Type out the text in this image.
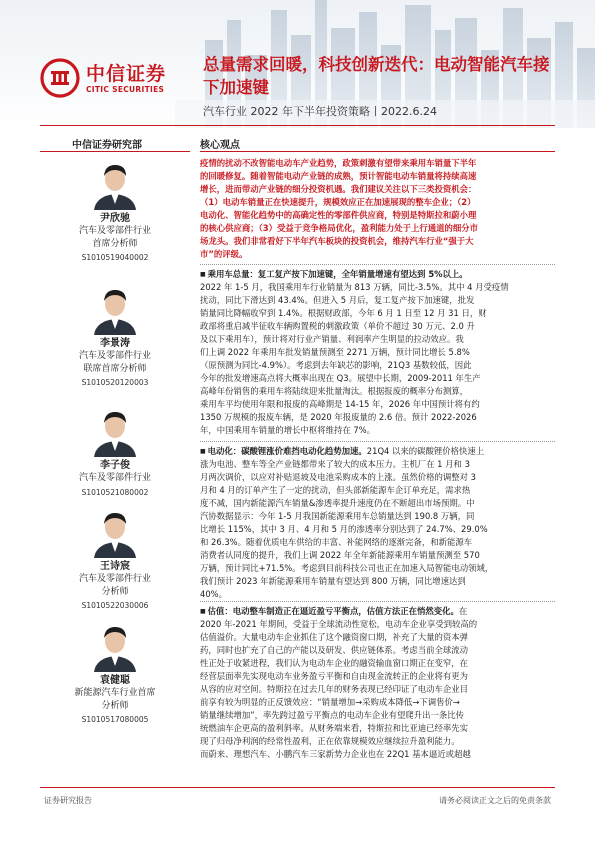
中信证券
CITIC SECURITIES
总量需求回暖，科技创新迭代：电动智能汽车接下加速键
汽车行业 2022 年下半年投资策略丨2022.6.24
中信证券研究部
尹欣驰
汽车及零部件行业
首席分析师
S1010519040002
李景涛
汽车及零部件行业
联席首席分析师
S1010520120003
李子俊
汽车及零部件行业
S1010521080002
王诗宸
汽车及零部件行业
分析师
S1010522030006
袁健聪
新能源汽车行业首席
分析师
S1010517080005
核心观点
疫情的扰动不改智能电动车产业趋势，政策刺激有望带来乘用车销量下半年
的回暖修复。随着智能电动产业链的成熟，预计智能电动车销量将持续高速
增长，进而带动产业链的细分投资机遇。我们建议关注以下三类投资机会：
（1）电动车销量正在快速提升，规模效应正在加速展现的整车企业；（2）
电动化、智能化趋势中的高确定性的零部件供应商，特别是特斯拉和蔚小理
的核心供应商；（3）受益于竞争格局优化，盈利能力处于上行通道的细分市
场龙头。我们非常看好下半年汽车板块的投资机会，维持汽车行业“强于大
市”的评级。
■ 乘用车总量：复工复产按下加速键，全年销量增速有望达到 5%以上。
2022 年 1-5 月，我国乘用车行业销量为 813 万辆，同比-3.5%。其中 4 月受疫情
扰动，同比下滑达到 43.4%。但进入 5 月后，复工复产按下加速键，批发
销量同比降幅收窄到 1.4%。根据财政部，今年 6 月 1 日至 12 月 31 日，财
政部将重启减半征收车辆购置税的刺激政策（单价不超过 30 万元、2.0 升
及以下乘用车），预计将对行业产销量、利润率产生明显的拉动效应。我
们上调 2022 年乘用车批发销量预测至 2271 万辆，预计同比增长 5.8%
（原预测为同比-4.9%）。考虑到去年缺芯的影响，21Q3 基数较低，因此
今年的批发增速高点将大概率出现在 Q3。展望中长期，2009-2011 年生产
高峰年份销售的乘用车将陆续迎来批量淘汰。根据报废的概率分布测算，
乘用车平均使用年限和报废的高峰期是 14-15 年，2026 年中国预计将有约
1350 万规模的报废车辆，是 2020 年报废量的 2.6 倍。预计 2022-2026
年，中国乘用车销量的增长中枢将维持在 7%。
■ 电动化：碳酸锂涨价难挡电动化趋势加速。21Q4 以来的碳酸锂价格快速上
涨为电池、整车等全产业链都带来了较大的成本压力。主机厂在 1 月和 3
月两次调价，以应对补贴退坡及电池采购成本的上涨。虽然价格的调整对 3
月和 4 月的订单产生了一定的扰动，但头部新能源车企订单充足，需求热
度不减，国内新能源汽车销量&渗透率提升速度仍在不断超出市场预期。中
汽协数据显示：今年 1-5 月我国新能源乘用车总销量达到 190.8 万辆，同
比增长 115%，其中 3 月、4 月和 5 月的渗透率分别达到了 24.7%、29.0%
和 26.3%。随着优质电车供给的丰富、补能网络的逐渐完备，和新能源车
消费者认同度的提升，我们上调 2022 年全年新能源乘用车销量预测至 570
万辆，预计同比+71.5%。考虑到目前科技公司也正在加速入局智能电动领域，
我们预计 2023 年新能源乘用车销量有望达到 800 万辆，同比增速达到
40%。
■ 估值：电动整车制造正在逼近盈亏平衡点，估值方法正在悄然变化。在
2020 年-2021 年期间，受益于全球流动性宽松，电动车企业享受到较高的
估值溢价。大量电动车企业抓住了这个融资窗口期，补充了大量的资本弹
药，同时也扩充了自己的产能以及研发、供应链体系。考虑当前全球流动
性正处于收紧进程，我们认为电动车企业的融资输血窗口期正在变窄，在
经营层面率先实现电动车业务盈亏平衡和自由现金流转正的企业将有更为
从容的应对空间。特斯拉在过去几年的财务表现已经印证了电动车企业目
前享有较为明显的正反馈效应：“销量增加→采购成本降低→下调售价→
销量继续增加”，率先跨过盈亏平衡点的电动车企业有望爬升出一条比传
统燃油车企更高的盈利斜率。从财务端来看，特斯拉和比亚迪已经率先实
现了归母净利润的经常性盈利，正在依靠规模效应继续拉升盈利能力。
而蔚来、理想汽车、小鹏汽车三家新势力企业也在 22Q1 基本逼近或超越
证券研究报告	请务必阅读正文之后的免责条款
